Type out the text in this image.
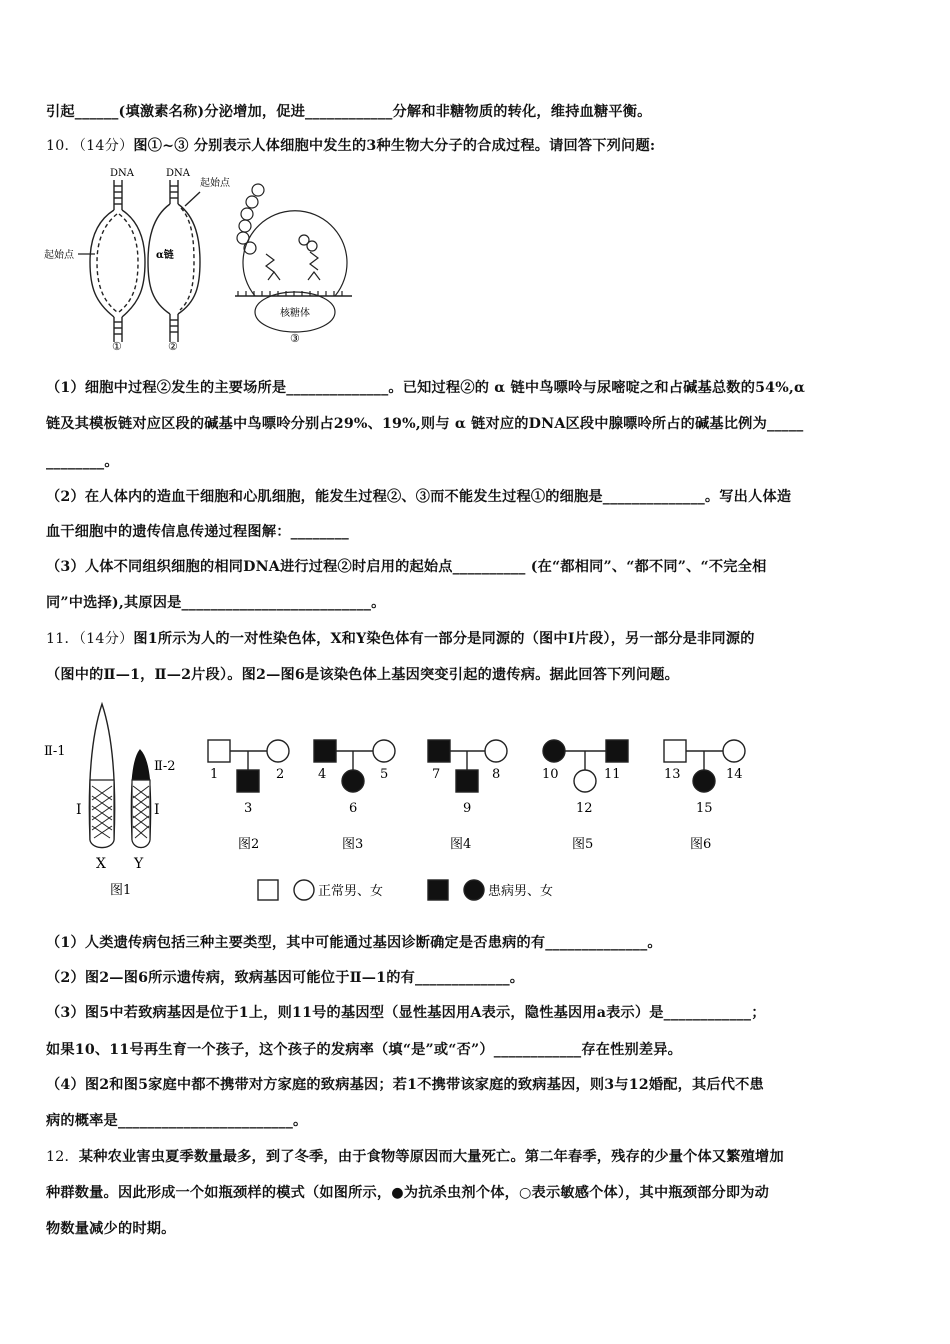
引起______(填激素名称)分泌增加，促进____________分解和非糖物质的转化，维持血糖平衡。
10．（14分）图①~③ 分别表示人体细胞中发生的3种生物大分子的合成过程。请回答下列问题:
DNA
起始点
①
DNA
起始点
α链
②
核糖体
③
（1）细胞中过程②发生的主要场所是______________。已知过程②的 α 链中鸟嘌呤与尿嘧啶之和占碱基总数的54%,α
链及其模板链对应区段的碱基中鸟嘌呤分别占29%、19%,则与 α 链对应的DNA区段中腺嘌呤所占的碱基比例为_____
________。
（2）在人体内的造血干细胞和心肌细胞，能发生过程②、③而不能发生过程①的细胞是______________。写出人体造
血干细胞中的遗传信息传递过程图解：________
（3）人体不同组织细胞的相同DNA进行过程②时启用的起始点__________ (在“都相同”、“都不同”、“不完全相
同”中选择),其原因是__________________________。
11．（14分）图1所示为人的一对性染色体，X和Y染色体有一部分是同源的（图中Ⅰ片段），另一部分是非同源的
（图中的Ⅱ—1，Ⅱ—2片段）。图2—图6是该染色体上基因突变引起的遗传病。据此回答下列问题。
Ⅱ-1
Ⅱ-2
Ⅰ	Ⅰ
X Y
图1
1	2
3
图2
4	5
6
图3
7	8
9
图4
10	11
12
图5
13	14
15
图6
正常男、女	患病男、女
（1）人类遗传病包括三种主要类型，其中可能通过基因诊断确定是否患病的有______________。
（2）图2—图6所示遗传病，致病基因可能位于Ⅱ—1的有_____________。
（3）图5中若致病基因是位于1上，则11号的基因型（显性基因用A表示，隐性基因用a表示）是____________；
如果10、11号再生育一个孩子，这个孩子的发病率（填“是”或“否”）____________存在性别差异。
（4）图2和图5家庭中都不携带对方家庭的致病基因；若1不携带该家庭的致病基因，则3与12婚配，其后代不患
病的概率是________________________。
12．某种农业害虫夏季数量最多，到了冬季，由于食物等原因而大量死亡。第二年春季，残存的少量个体又繁殖增加
种群数量。因此形成一个如瓶颈样的模式（如图所示，●为抗杀虫剂个体，○表示敏感个体），其中瓶颈部分即为动
物数量减少的时期。
